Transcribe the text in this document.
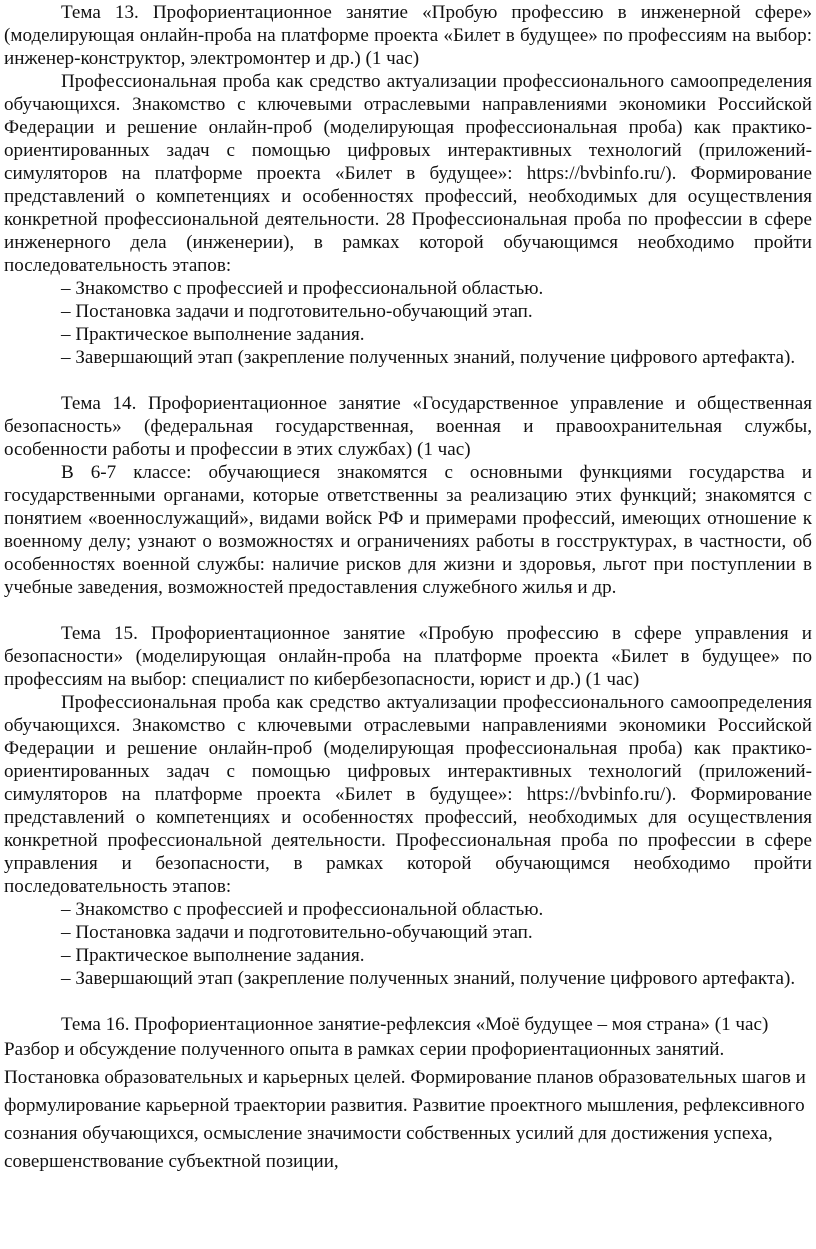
Тема 13. Профориентационное занятие «Пробую профессию в инженерной сфере» (моделирующая онлайн-проба на платформе проекта «Билет в будущее» по профессиям на выбор: инженер-конструктор, электромонтер и др.) (1 час)

Профессиональная проба как средство актуализации профессионального самоопределения обучающихся. Знакомство с ключевыми отраслевыми направлениями экономики Российской Федерации и решение онлайн-проб (моделирующая профессиональная проба) как практико-ориентированных задач с помощью цифровых интерактивных технологий (приложений-симуляторов на платформе проекта «Билет в будущее»: https://bvbinfo.ru/). Формирование представлений о компетенциях и особенностях профессий, необходимых для осуществления конкретной профессиональной деятельности. 28 Профессиональная проба по профессии в сфере инженерного дела (инженерии), в рамках которой обучающимся необходимо пройти последовательность этапов:

– Знакомство с профессией и профессиональной областью.

– Постановка задачи и подготовительно-обучающий этап.

– Практическое выполнение задания.

– Завершающий этап (закрепление полученных знаний, получение цифрового артефакта).

Тема 14. Профориентационное занятие «Государственное управление и общественная безопасность» (федеральная государственная, военная и правоохранительная службы, особенности работы и профессии в этих службах) (1 час)

В 6-7 классе: обучающиеся знакомятся с основными функциями государства и государственными органами, которые ответственны за реализацию этих функций; знакомятся с понятием «военнослужащий», видами войск РФ и примерами профессий, имеющих отношение к военному делу; узнают о возможностях и ограничениях работы в госструктурах, в частности, об особенностях военной службы: наличие рисков для жизни и здоровья, льгот при поступлении в учебные заведения, возможностей предоставления служебного жилья и др.

Тема 15. Профориентационное занятие «Пробую профессию в сфере управления и безопасности» (моделирующая онлайн-проба на платформе проекта «Билет в будущее» по профессиям на выбор: специалист по кибербезопасности, юрист и др.) (1 час)

Профессиональная проба как средство актуализации профессионального самоопределения обучающихся. Знакомство с ключевыми отраслевыми направлениями экономики Российской Федерации и решение онлайн-проб (моделирующая профессиональная проба) как практико-ориентированных задач с помощью цифровых интерактивных технологий (приложений-симуляторов на платформе проекта «Билет в будущее»: https://bvbinfo.ru/). Формирование представлений о компетенциях и особенностях профессий, необходимых для осуществления конкретной профессиональной деятельности. Профессиональная проба по профессии в сфере управления и безопасности, в рамках которой обучающимся необходимо пройти последовательность этапов:

– Знакомство с профессией и профессиональной областью.

– Постановка задачи и подготовительно-обучающий этап.

– Практическое выполнение задания.

– Завершающий этап (закрепление полученных знаний, получение цифрового артефакта).

Тема 16. Профориентационное занятие-рефлексия «Моё будущее – моя страна» (1 час)

Разбор и обсуждение полученного опыта в рамках серии профориентационных занятий.

Постановка образовательных и карьерных целей. Формирование планов образовательных шагов и формулирование карьерной траектории развития. Развитие проектного мышления, рефлексивного сознания обучающихся, осмысление значимости собственных усилий для достижения успеха, совершенствование субъектной позиции,
